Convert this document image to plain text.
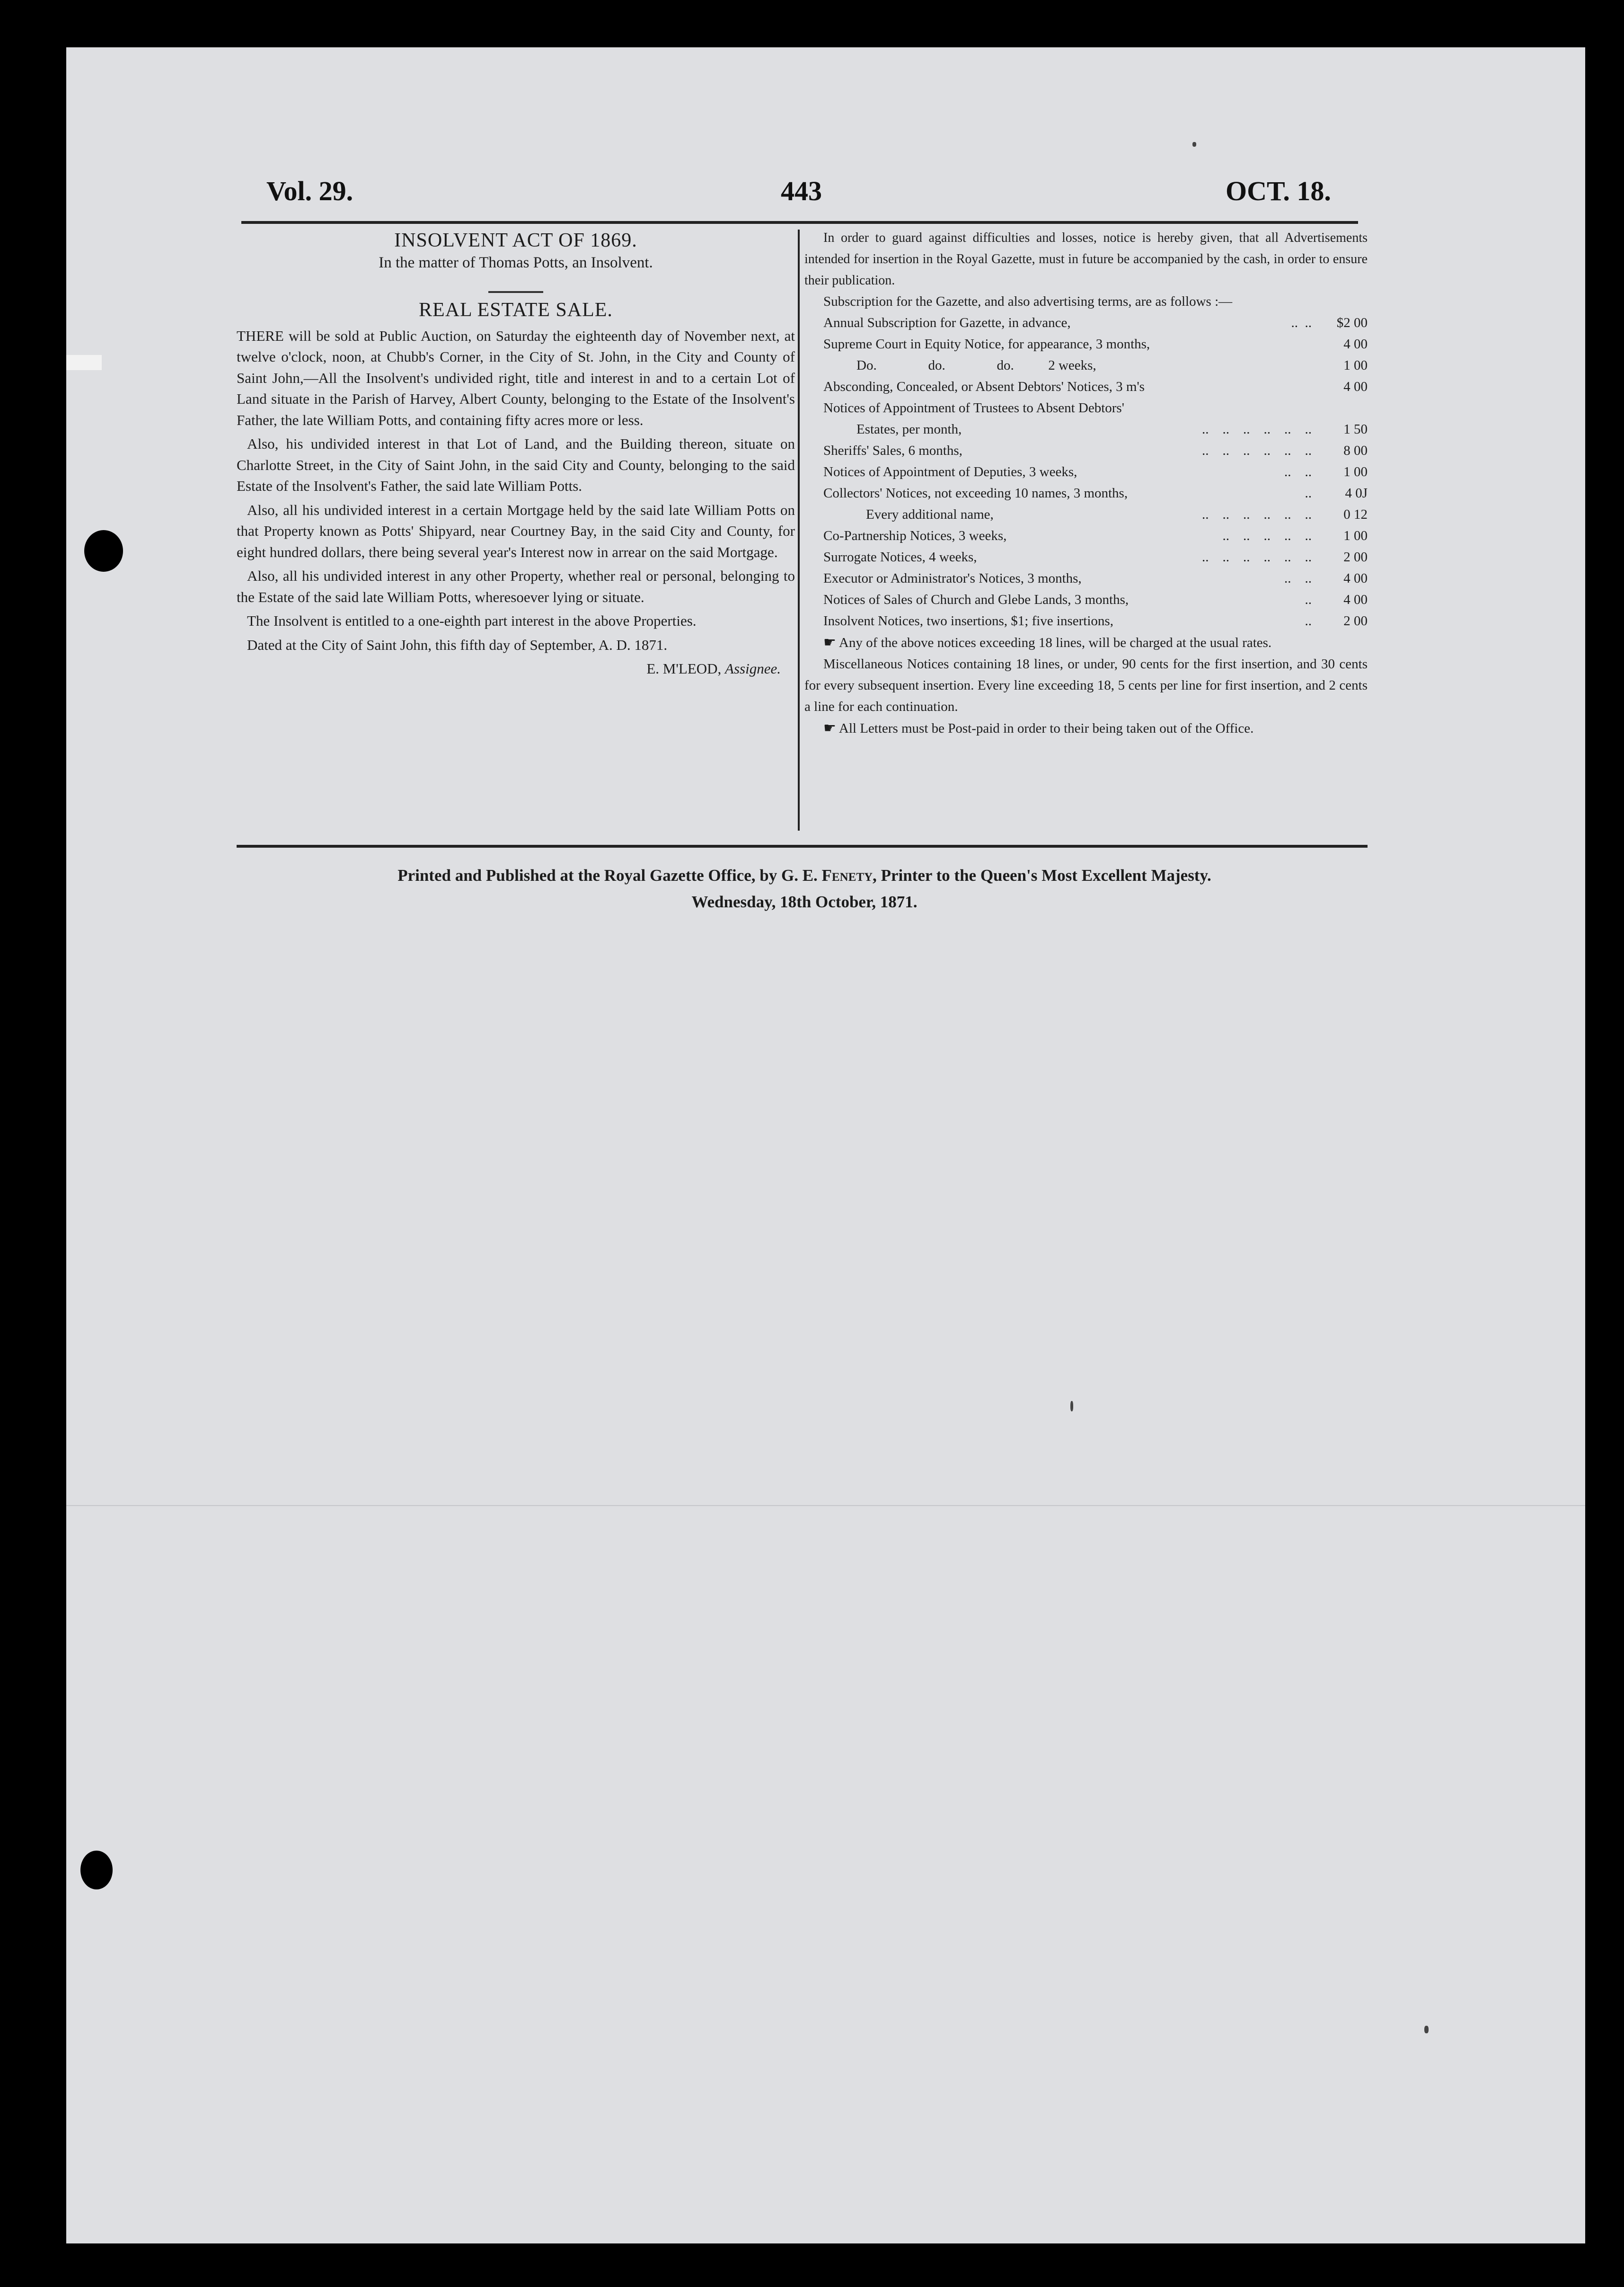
Vol. 29.	443	OCT. 18.
INSOLVENT ACT OF 1869.
In the matter of Thomas Potts, an Insolvent.
REAL ESTATE SALE.

THERE will be sold at Public Auction, on Saturday the eighteenth day of November next, at twelve o'clock, noon, at Chubb's Corner, in the City of St. John, in the City and County of Saint John,—All the Insolvent's undivided right, title and interest in and to a certain Lot of Land situate in the Parish of Harvey, Albert County, belonging to the Estate of the Insolvent's Father, the late William Potts, and containing fifty acres more or less.

Also, his undivided interest in that Lot of Land, and the Building thereon, situate on Charlotte Street, in the City of Saint John, in the said City and County, belonging to the said Estate of the Insolvent's Father, the said late William Potts.

Also, all his undivided interest in a certain Mortgage held by the said late William Potts on that Property known as Potts' Shipyard, near Courtney Bay, in the said City and County, for eight hundred dollars, there being several year's Interest now in arrear on the said Mortgage.

Also, all his undivided interest in any other Property, whether real or personal, belonging to the Estate of the said late William Potts, wheresoever lying or situate.

The Insolvent is entitled to a one-eighth part interest in the above Properties.

Dated at the City of Saint John, this fifth day of September, A. D. 1871.

E. M'LEOD, Assignee.

In order to guard against difficulties and losses, notice is hereby given, that all Advertisements intended for insertion in the Royal Gazette, must in future be accompanied by the cash, in order to ensure their publication.

Subscription for the Gazette, and also advertising terms, are as follows :—

Annual Subscription for Gazette, in advance,	..  ..	$2 00
Supreme Court in Equity Notice, for appearance, 3 months,	4 00
Do.               do.               do.          2 weeks,	1 00
Absconding, Concealed, or Absent Debtors' Notices, 3 m's	4 00
Notices of Appointment of Trustees to Absent Debtors'
Estates, per month,	..    ..    ..    ..    ..    ..	1 50
Sheriffs' Sales, 6 months,	..    ..    ..    ..    ..    ..	8 00
Notices of Appointment of Deputies, 3 weeks,	..    ..	1 00
Collectors' Notices, not exceeding 10 names, 3 months,	..	4 0J
Every additional name,	..    ..    ..    ..    ..    ..	0 12
Co-Partnership Notices, 3 weeks,	..    ..    ..    ..    ..	1 00
Surrogate Notices, 4 weeks,	..    ..    ..    ..    ..    ..	2 00
Executor or Administrator's Notices, 3 months,	..    ..	4 00
Notices of Sales of Church and Glebe Lands, 3 months,	..	4 00
Insolvent Notices, two insertions, $1; five insertions,	..	2 00

☛ Any of the above notices exceeding 18 lines, will be charged at the usual rates.

Miscellaneous Notices containing 18 lines, or under, 90 cents for the first insertion, and 30 cents for every subsequent insertion. Every line exceeding 18, 5 cents per line for first insertion, and 2 cents a line for each continuation.

☛ All Letters must be Post-paid in order to their being taken out of the Office.

Printed and Published at the Royal Gazette Office, by G. E. Fenety, Printer to the Queen's Most Excellent Majesty.
Wednesday, 18th October, 1871.
